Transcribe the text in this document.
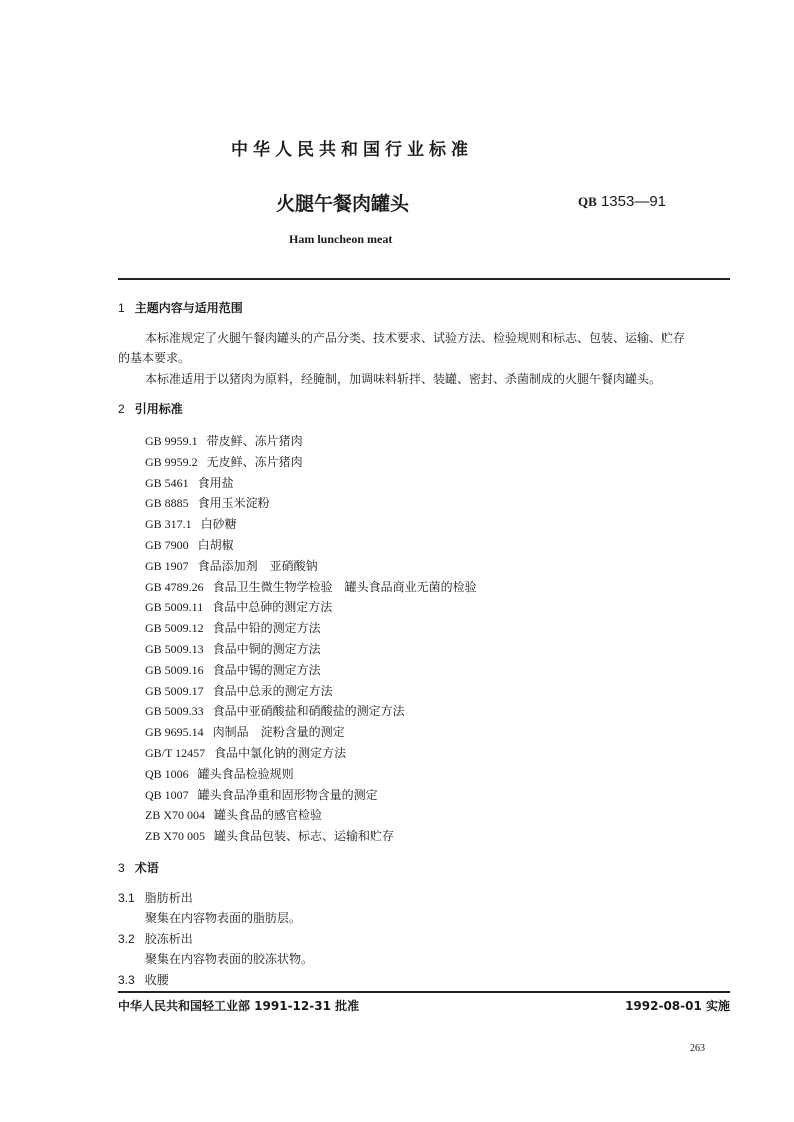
中华人民共和国行业标准
火腿午餐肉罐头	QB 1353—91
Ham luncheon meat
1 主题内容与适用范围
本标准规定了火腿午餐肉罐头的产品分类、技术要求、试验方法、检验规则和标志、包装、运输、贮存
的基本要求。
本标准适用于以猪肉为原料，经腌制，加调味料斩拌、装罐、密封、杀菌制成的火腿午餐肉罐头。
2 引用标准
GB 9959.1 带皮鲜、冻片猪肉
GB 9959.2 无皮鲜、冻片猪肉
GB 5461 食用盐
GB 8885 食用玉米淀粉
GB 317.1 白砂糖
GB 7900 白胡椒
GB 1907 食品添加剂　亚硝酸钠
GB 4789.26 食品卫生微生物学检验　罐头食品商业无菌的检验
GB 5009.11 食品中总砷的测定方法
GB 5009.12 食品中铅的测定方法
GB 5009.13 食品中铜的测定方法
GB 5009.16 食品中锡的测定方法
GB 5009.17 食品中总汞的测定方法
GB 5009.33 食品中亚硝酸盐和硝酸盐的测定方法
GB 9695.14 肉制品　淀粉含量的测定
GB/T 12457 食品中氯化钠的测定方法
QB 1006 罐头食品检验规则
QB 1007 罐头食品净重和固形物含量的测定
ZB X70 004 罐头食品的感官检验
ZB X70 005 罐头食品包装、标志、运输和贮存
3 术语
3.1 脂肪析出
聚集在内容物表面的脂肪层。
3.2 胶冻析出
聚集在内容物表面的胶冻状物。
3.3 收腰
中华人民共和国轻工业部 1991-12-31 批准	1992-08-01 实施
263
